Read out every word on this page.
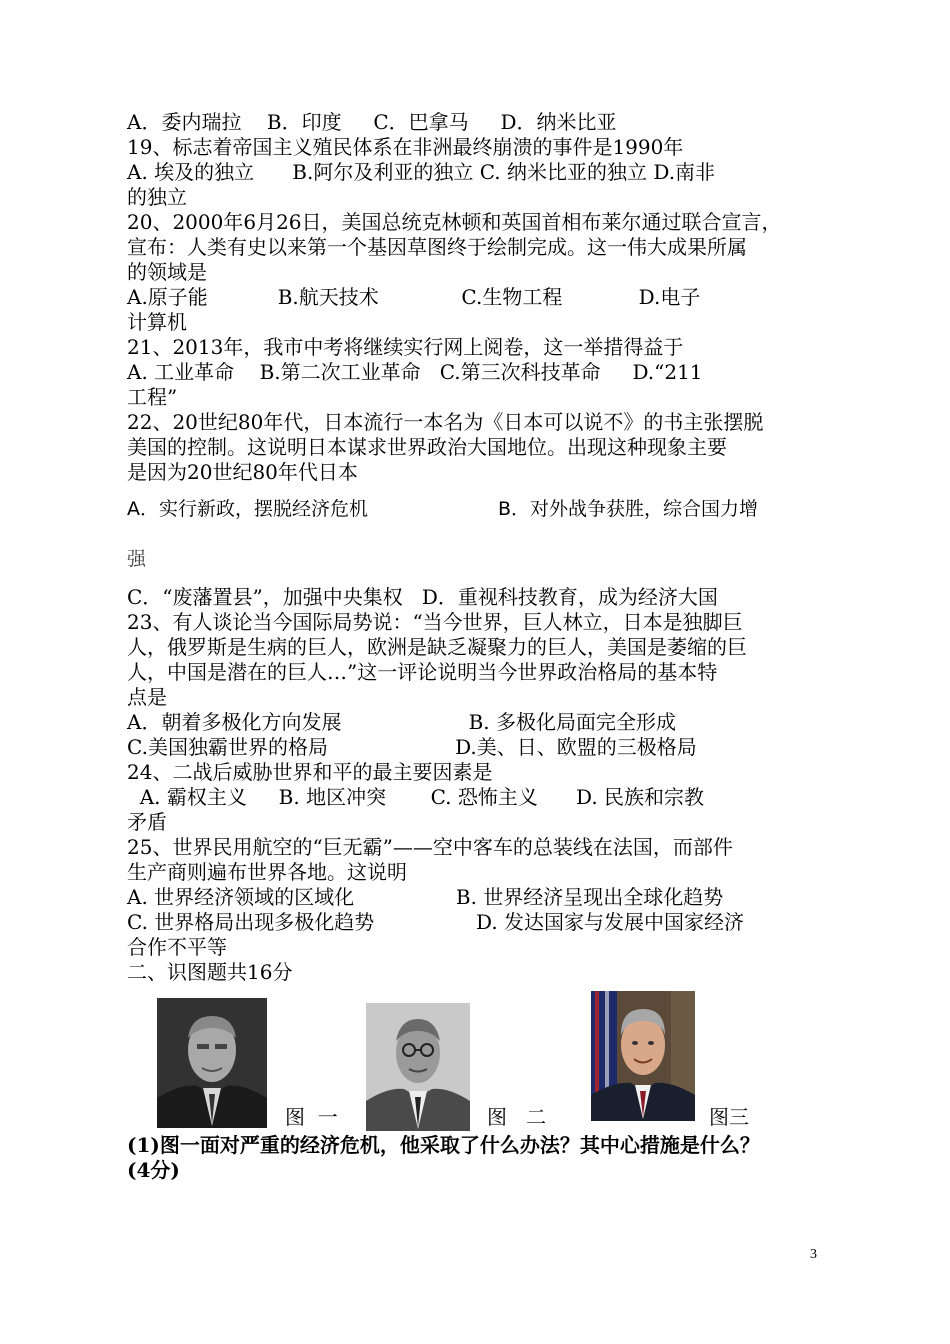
A．委内瑞拉    B．印度     C．巴拿马     D．纳米比亚
19、标志着帝国主义殖民体系在非洲最终崩溃的事件是1990年
A. 埃及的独立      B.阿尔及利亚的独立 C. 纳米比亚的独立 D.南非
的独立
20、2000年6月26日，美国总统克林顿和英国首相布莱尔通过联合宣言，
宣布：人类有史以来第一个基因草图终于绘制完成。这一伟大成果所属
的领域是
A.原子能           B.航天技术             C.生物工程            D.电子
计算机
21、2013年，我市中考将继续实行网上阅卷，这一举措得益于
A. 工业革命    B.第二次工业革命   C.第三次科技革命     D.“211
工程”
22、20世纪80年代，日本流行一本名为《日本可以说不》的书主张摆脱
美国的控制。这说明日本谋求世界政治大国地位。出现这种现象主要
是因为20世纪80年代日本
A．实行新政，摆脱经济危机	B．对外战争获胜，综合国力增
强
C．“废藩置县”，加强中央集权   D．重视科技教育，成为经济大国
23、有人谈论当今国际局势说：“当今世界，巨人林立，日本是独脚巨
人，俄罗斯是生病的巨人，欧洲是缺乏凝聚力的巨人，美国是萎缩的巨
人，中国是潜在的巨人…”这一评论说明当今世界政治格局的基本特
点是
A．朝着多极化方向发展                    B. 多极化局面完全形成
C.美国独霸世界的格局                    D.美、日、欧盟的三极格局
24、二战后威胁世界和平的最主要因素是
A. 霸权主义     B. 地区冲突       C. 恐怖主义      D. 民族和宗教
矛盾
25、世界民用航空的“巨无霸”——空中客车的总装线在法国，而部件
生产商则遍布世界各地。这说明
A. 世界经济领域的区域化                B. 世界经济呈现出全球化趋势
C. 世界格局出现多极化趋势                D. 发达国家与发展中国家经济
合作不平等
二、识图题共16分
图  一	图   二	图三
(1)图一面对严重的经济危机，他采取了什么办法？其中心措施是什么？
(4分)
3
